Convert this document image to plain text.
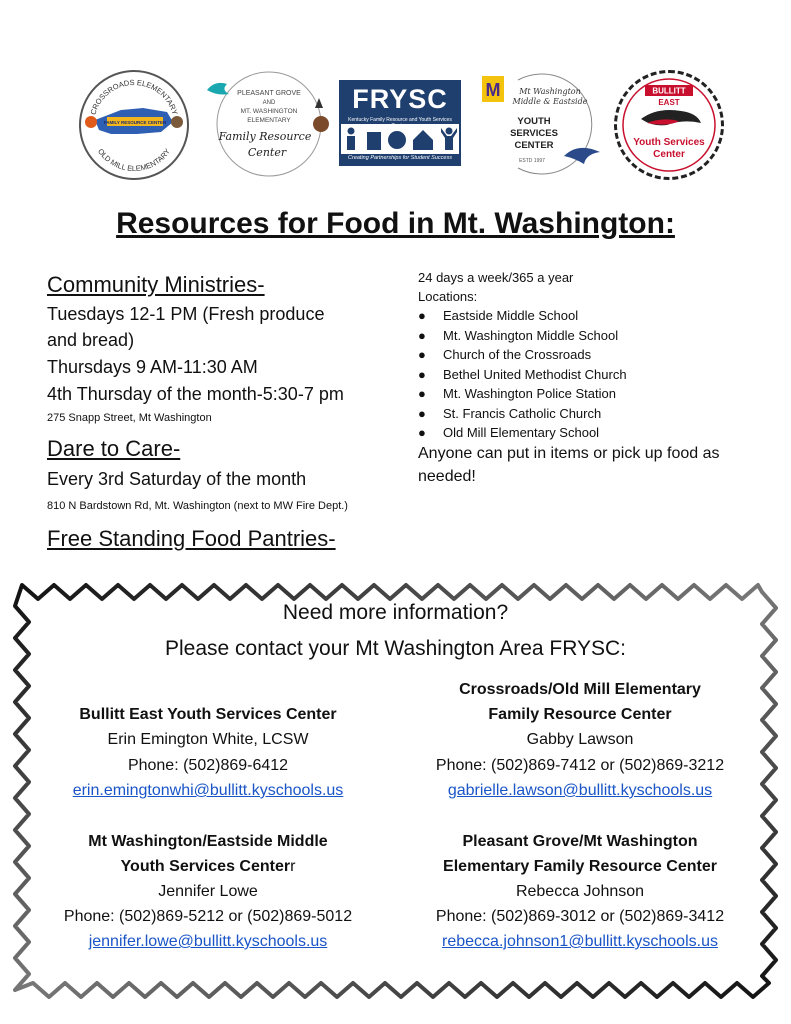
CROSSROADS ELEMENTARY
OLD MILL ELEMENTARY
FAMILY RESOURCE CENTER
PLEASANT GROVE
AND
MT. WASHINGTON
ELEMENTARY
Family Resource
Center
FRYSC
Kentucky Family Resource and Youth Services
Creating Partnerships for Student Success
M Mt Washington
Middle & Eastside
YOUTH
SERVICES
CENTER
ESTD 1997
BULLITT
EAST
Youth Services
Center
Resources for Food in Mt. Washington:
Community Ministries-
Tuesdays 12-1 PM (Fresh produce
and bread)
Thursdays 9 AM-11:30 AM
4th Thursday of the month-5:30-7 pm
275 Snapp Street, Mt Washington
Dare to Care-
Every 3rd Saturday of the month
810 N Bardstown Rd, Mt. Washington (next to MW Fire Dept.)
Free Standing Food Pantries-
24 days a week/365 a year
Locations:
● Eastside Middle School
● Mt. Washington Middle School
● Church of the Crossroads
● Bethel United Methodist Church
● Mt. Washington Police Station
● St. Francis Catholic Church
● Old Mill Elementary School
Anyone can put in items or pick up food as
needed!
Need more information?
Please contact your Mt Washington Area FRYSC:
Bullitt East Youth Services Center
Erin Emington White, LCSW
Phone: (502)869-6412
erin.emingtonwhi@bullitt.kyschools.us
Crossroads/Old Mill Elementary
Family Resource Center
Gabby Lawson
Phone: (502)869-7412 or (502)869-3212
gabrielle.lawson@bullitt.kyschools.us
Mt Washington/Eastside Middle
Youth Services Centerr
Jennifer Lowe
Phone: (502)869-5212 or (502)869-5012
jennifer.lowe@bullitt.kyschools.us
Pleasant Grove/Mt Washington
Elementary Family Resource Center
Rebecca Johnson
Phone: (502)869-3012 or (502)869-3412
rebecca.johnson1@bullitt.kyschools.us
